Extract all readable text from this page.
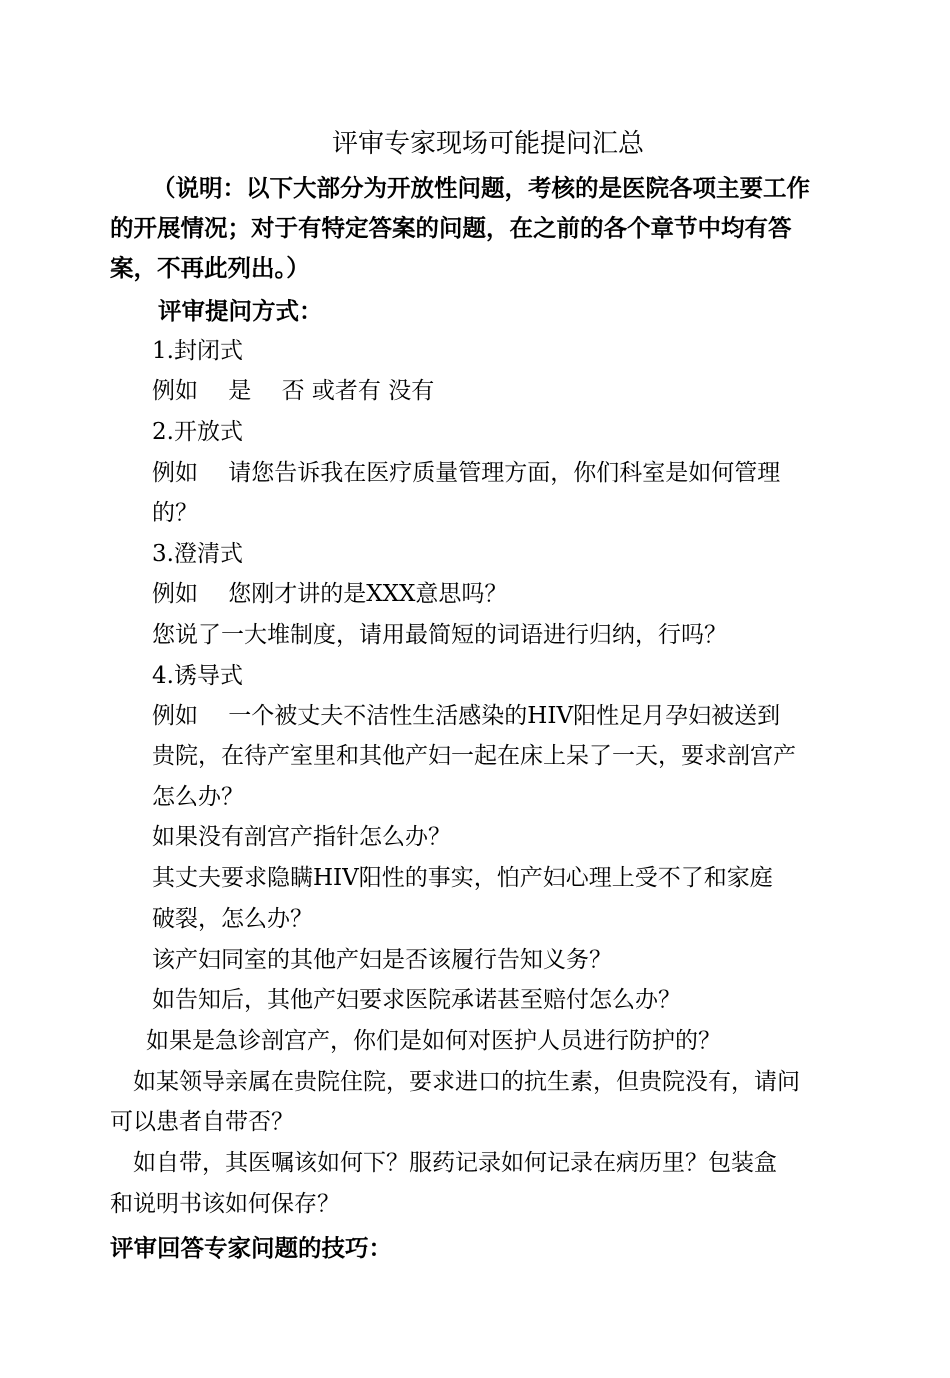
评审专家现场可能提问汇总
（说明：以下大部分为开放性问题，考核的是医院各项主要工作
的开展情况；对于有特定答案的问题，在之前的各个章节中均有答
案，不再此列出。）
评审提问方式：
1.封闭式
例如　 是 　否 或者有 没有
2.开放式
例如　 请您告诉我在医疗质量管理方面，你们科室是如何管理
的？
3.澄清式
例如　 您刚才讲的是XXX意思吗？
您说了一大堆制度，请用最简短的词语进行归纳，行吗？
4.诱导式
例如　 一个被丈夫不洁性生活感染的HIV阳性足月孕妇被送到
贵院，在待产室里和其他产妇一起在床上呆了一天，要求剖宫产
怎么办？
如果没有剖宫产指针怎么办？
其丈夫要求隐瞒HIV阳性的事实，怕产妇心理上受不了和家庭
破裂，怎么办？
该产妇同室的其他产妇是否该履行告知义务？
如告知后，其他产妇要求医院承诺甚至赔付怎么办？
如果是急诊剖宫产，你们是如何对医护人员进行防护的？
如某领导亲属在贵院住院，要求进口的抗生素，但贵院没有，请问
可以患者自带否？
如自带，其医嘱该如何下？服药记录如何记录在病历里？包装盒
和说明书该如何保存？
评审回答专家问题的技巧：
